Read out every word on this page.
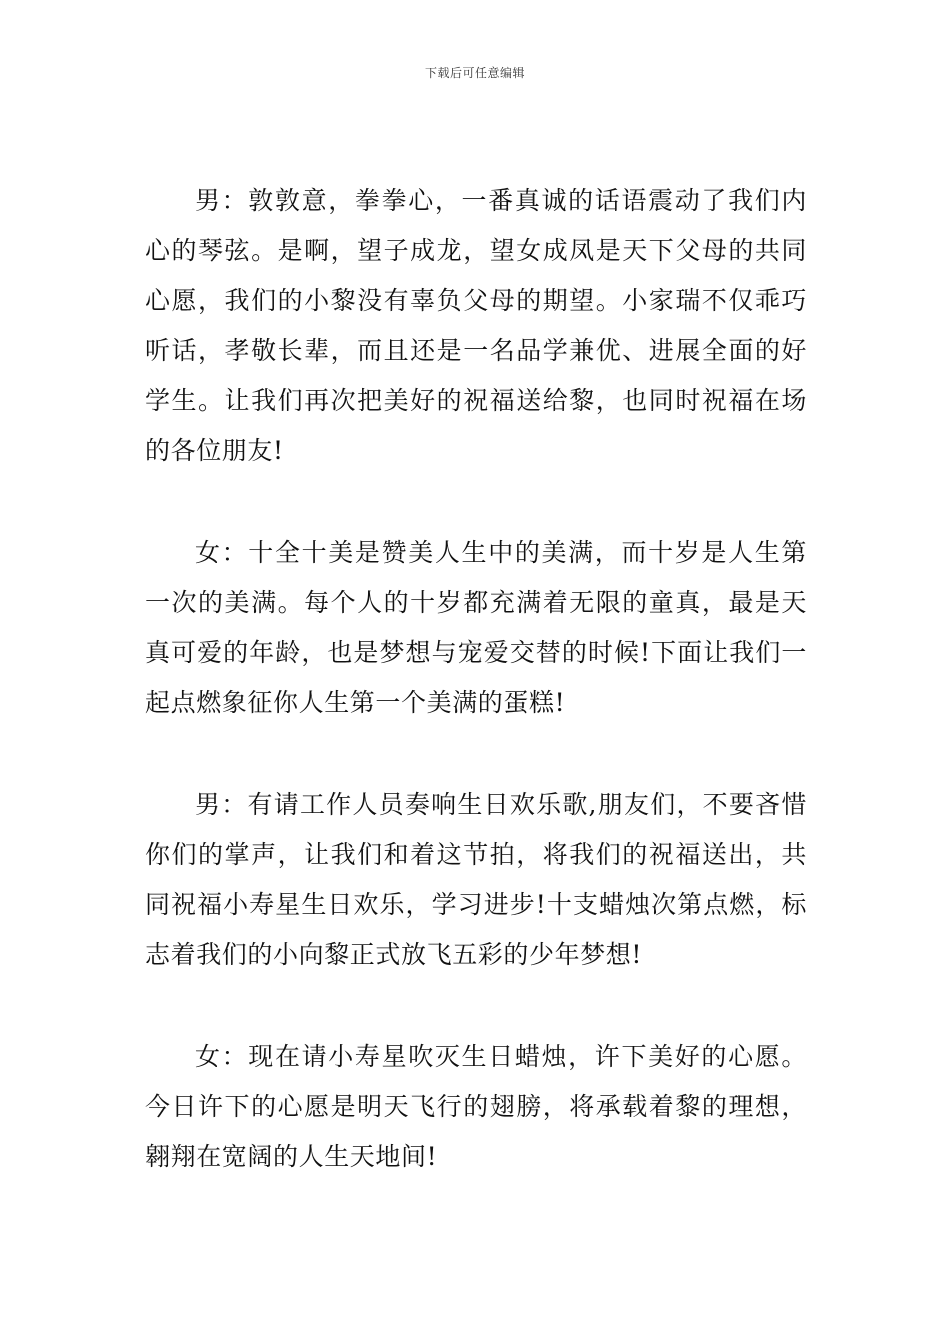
下载后可任意编辑

男：敦敦意，拳拳心，一番真诚的话语震动了我们内心的琴弦。是啊，望子成龙，望女成凤是天下父母的共同心愿，我们的小黎没有辜负父母的期望。小家瑞不仅乖巧听话，孝敬长辈，而且还是一名品学兼优、进展全面的好学生。让我们再次把美好的祝福送给黎，也同时祝福在场的各位朋友!

女：十全十美是赞美人生中的美满，而十岁是人生第一次的美满。每个人的十岁都充满着无限的童真，最是天真可爱的年龄，也是梦想与宠爱交替的时候!下面让我们一起点燃象征你人生第一个美满的蛋糕!

男：有请工作人员奏响生日欢乐歌,朋友们，不要吝惜你们的掌声，让我们和着这节拍，将我们的祝福送出，共同祝福小寿星生日欢乐，学习进步!十支蜡烛次第点燃，标志着我们的小向黎正式放飞五彩的少年梦想!

女：现在请小寿星吹灭生日蜡烛，许下美好的心愿。今日许下的心愿是明天飞行的翅膀，将承载着黎的理想，翱翔在宽阔的人生天地间!
